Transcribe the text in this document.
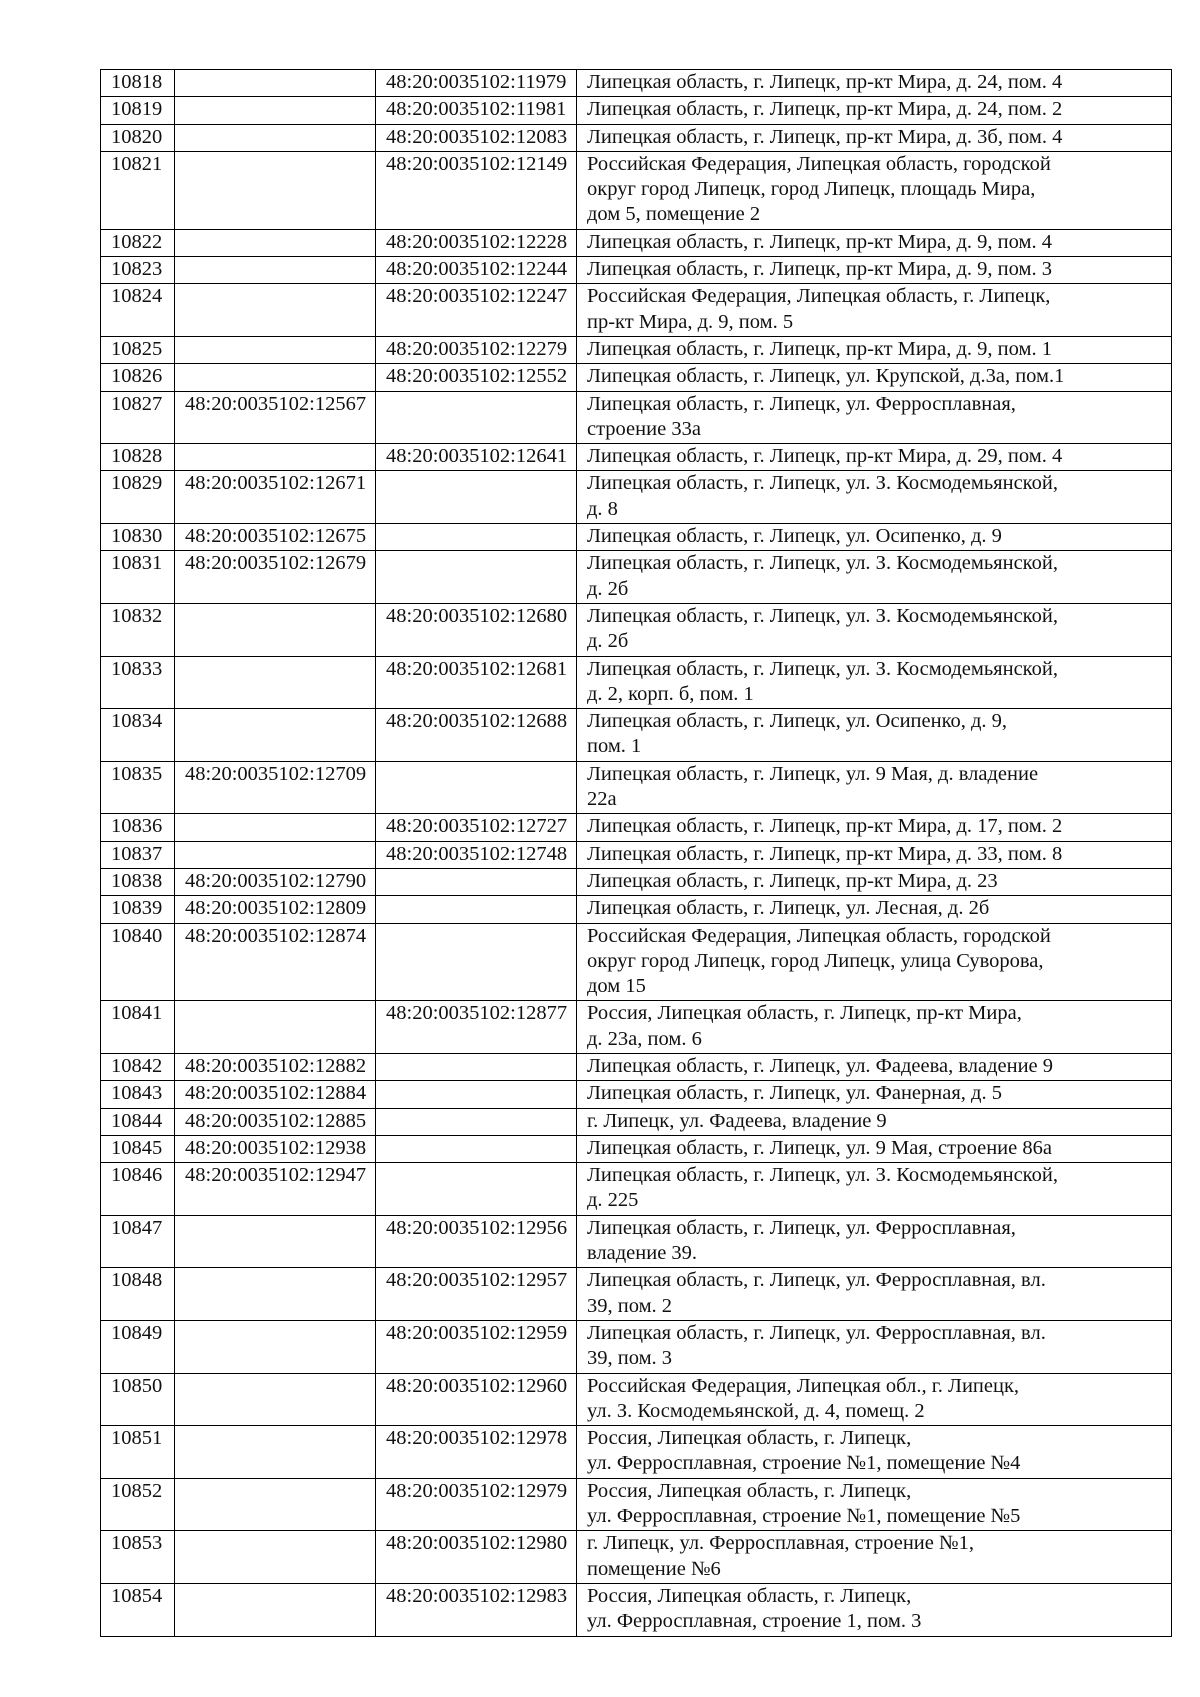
10818		48:20:0035102:11979	Липецкая область, г. Липецк, пр-кт Мира, д. 24, пом. 4
10819		48:20:0035102:11981	Липецкая область, г. Липецк, пр-кт Мира, д. 24, пом. 2
10820		48:20:0035102:12083	Липецкая область, г. Липецк, пр-кт Мира, д. 3б, пом. 4
10821		48:20:0035102:12149	Российская Федерация, Липецкая область, городской
округ город Липецк, город Липецк, площадь Мира,
дом 5, помещение 2
10822		48:20:0035102:12228	Липецкая область, г. Липецк, пр-кт Мира, д. 9, пом. 4
10823		48:20:0035102:12244	Липецкая область, г. Липецк, пр-кт Мира, д. 9, пом. 3
10824		48:20:0035102:12247	Российская Федерация, Липецкая область, г. Липецк,
пр-кт Мира, д. 9, пом. 5
10825		48:20:0035102:12279	Липецкая область, г. Липецк, пр-кт Мира, д. 9, пом. 1
10826		48:20:0035102:12552	Липецкая область, г. Липецк, ул. Крупской, д.3а, пом.1
10827	48:20:0035102:12567		Липецкая область, г. Липецк, ул. Ферросплавная,
строение 33а
10828		48:20:0035102:12641	Липецкая область, г. Липецк, пр-кт Мира, д. 29, пом. 4
10829	48:20:0035102:12671		Липецкая область, г. Липецк, ул. З. Космодемьянской,
д. 8
10830	48:20:0035102:12675		Липецкая область, г. Липецк, ул. Осипенко, д. 9
10831	48:20:0035102:12679		Липецкая область, г. Липецк, ул. З. Космодемьянской,
д. 2б
10832		48:20:0035102:12680	Липецкая область, г. Липецк, ул. З. Космодемьянской,
д. 2б
10833		48:20:0035102:12681	Липецкая область, г. Липецк, ул. З. Космодемьянской,
д. 2, корп. б, пом. 1
10834		48:20:0035102:12688	Липецкая область, г. Липецк, ул. Осипенко, д. 9,
пом. 1
10835	48:20:0035102:12709		Липецкая область, г. Липецк, ул. 9 Мая, д. владение
22а
10836		48:20:0035102:12727	Липецкая область, г. Липецк, пр-кт Мира, д. 17, пом. 2
10837		48:20:0035102:12748	Липецкая область, г. Липецк, пр-кт Мира, д. 33, пом. 8
10838	48:20:0035102:12790		Липецкая область, г. Липецк, пр-кт Мира, д. 23
10839	48:20:0035102:12809		Липецкая область, г. Липецк, ул. Лесная, д. 2б
10840	48:20:0035102:12874		Российская Федерация, Липецкая область, городской
округ город Липецк, город Липецк, улица Суворова,
дом 15
10841		48:20:0035102:12877	Россия, Липецкая область, г. Липецк, пр-кт Мира,
д. 23а, пом. 6
10842	48:20:0035102:12882		Липецкая область, г. Липецк, ул. Фадеева, владение 9
10843	48:20:0035102:12884		Липецкая область, г. Липецк, ул. Фанерная, д. 5
10844	48:20:0035102:12885		г. Липецк, ул. Фадеева, владение 9
10845	48:20:0035102:12938		Липецкая область, г. Липецк, ул. 9 Мая, строение 86а
10846	48:20:0035102:12947		Липецкая область, г. Липецк, ул. З. Космодемьянской,
д. 225
10847		48:20:0035102:12956	Липецкая область, г. Липецк, ул. Ферросплавная,
владение 39.
10848		48:20:0035102:12957	Липецкая область, г. Липецк, ул. Ферросплавная, вл.
39, пом. 2
10849		48:20:0035102:12959	Липецкая область, г. Липецк, ул. Ферросплавная, вл.
39, пом. 3
10850		48:20:0035102:12960	Российская Федерация, Липецкая обл., г. Липецк,
ул. З. Космодемьянской, д. 4, помещ. 2
10851		48:20:0035102:12978	Россия, Липецкая область, г. Липецк,
ул. Ферросплавная, строение №1, помещение №4
10852		48:20:0035102:12979	Россия, Липецкая область, г. Липецк,
ул. Ферросплавная, строение №1, помещение №5
10853		48:20:0035102:12980	г. Липецк, ул. Ферросплавная, строение №1,
помещение №6
10854		48:20:0035102:12983	Россия, Липецкая область, г. Липецк,
ул. Ферросплавная, строение 1, пом. 3
